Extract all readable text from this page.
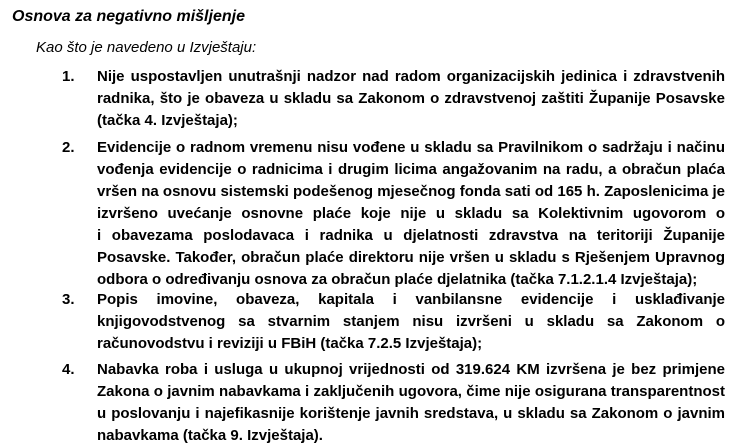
Osnova za negativno mišljenje
Kao što je navedeno u Izvještaju:
1.	Nije uspostavljen unutrašnji nadzor nad radom organizacijskih jedinica i zdravstvenih
radnika, što je obaveza u skladu sa Zakonom o zdravstvenoj zaštiti Županije Posavske
(tačka 4. Izvještaja);
2.	Evidencije o radnom vremenu nisu vođene u skladu sa Pravilnikom o sadržaju i načinu
vođenja evidencije o radnicima i drugim licima angažovanim na radu, a obračun plaća
vršen na osnovu sistemski podešenog mjesečnog fonda sati od 165 h. Zaposlenicima je
izvršeno uvećanje osnovne plaće koje nije u skladu sa Kolektivnim ugovorom o
i obavezama poslodavaca i radnika u djelatnosti zdravstva na teritoriji Županije
Posavske. Također, obračun plaće direktoru nije vršen u skladu s Rješenjem Upravnog
odbora o određivanju osnova za obračun plaće djelatnika (tačka 7.1.2.1.4 Izvještaja);
3.	Popis imovine, obaveza, kapitala i vanbilansne evidencije i usklađivanje
knjigovodstvenog sa stvarnim stanjem nisu izvršeni u skladu sa Zakonom o
računovodstvu i reviziji u FBiH (tačka 7.2.5 Izvještaja);
4.	Nabavka roba i usluga u ukupnoj vrijednosti od 319.624 KM izvršena je bez primjene
Zakona o javnim nabavkama i zaključenih ugovora, čime nije osigurana transparentnost
u poslovanju i najefikasnije korištenje javnih sredstava, u skladu sa Zakonom o javnim
nabavkama (tačka 9. Izvještaja).
